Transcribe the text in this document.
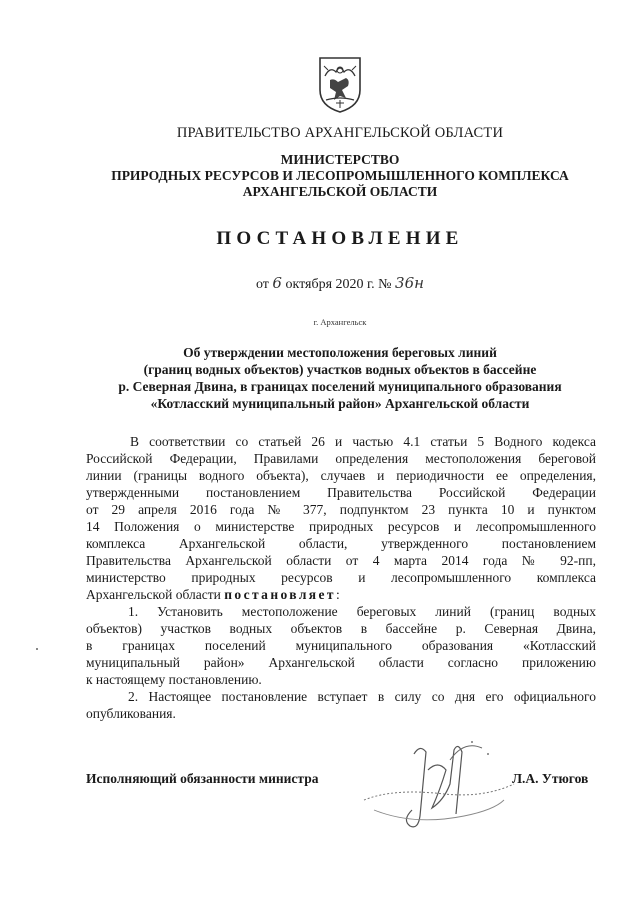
ПРАВИТЕЛЬСТВО АРХАНГЕЛЬСКОЙ ОБЛАСТИ
МИНИСТЕРСТВО
ПРИРОДНЫХ РЕСУРСОВ И ЛЕСОПРОМЫШЛЕННОГО КОМПЛЕКСА
АРХАНГЕЛЬСКОЙ ОБЛАСТИ
ПОСТАНОВЛЕНИЕ
от 6 октября 2020 г. № 36н
г. Архангельск
Об утверждении местоположения береговых линий
(границ водных объектов) участков водных объектов в бассейне
р. Северная Двина, в границах поселений муниципального образования
«Котласский муниципальный район» Архангельской области
В соответствии со статьей 26 и частью 4.1 статьи 5 Водного кодекса
Российской Федерации, Правилами определения местоположения береговой
линии (границы водного объекта), случаев и периодичности ее определения,
утвержденными постановлением Правительства Российской Федерации
от 29 апреля 2016 года № 377, подпунктом 23 пункта 10 и пунктом
14 Положения о министерстве природных ресурсов и лесопромышленного
комплекса Архангельской области, утвержденного постановлением
Правительства Архангельской области от 4 марта 2014 года № 92-пп,
министерство природных ресурсов и лесопромышленного комплекса
Архангельской области постановляет:
1. Установить местоположение береговых линий (границ водных
объектов) участков водных объектов в бассейне р. Северная Двина,
в границах поселений муниципального образования «Котласский
муниципальный район» Архангельской области согласно приложению
к настоящему постановлению.
2. Настоящее постановление вступает в силу со дня его официального
опубликования.
Исполняющий обязанности министра	Л.А. Утюгов
